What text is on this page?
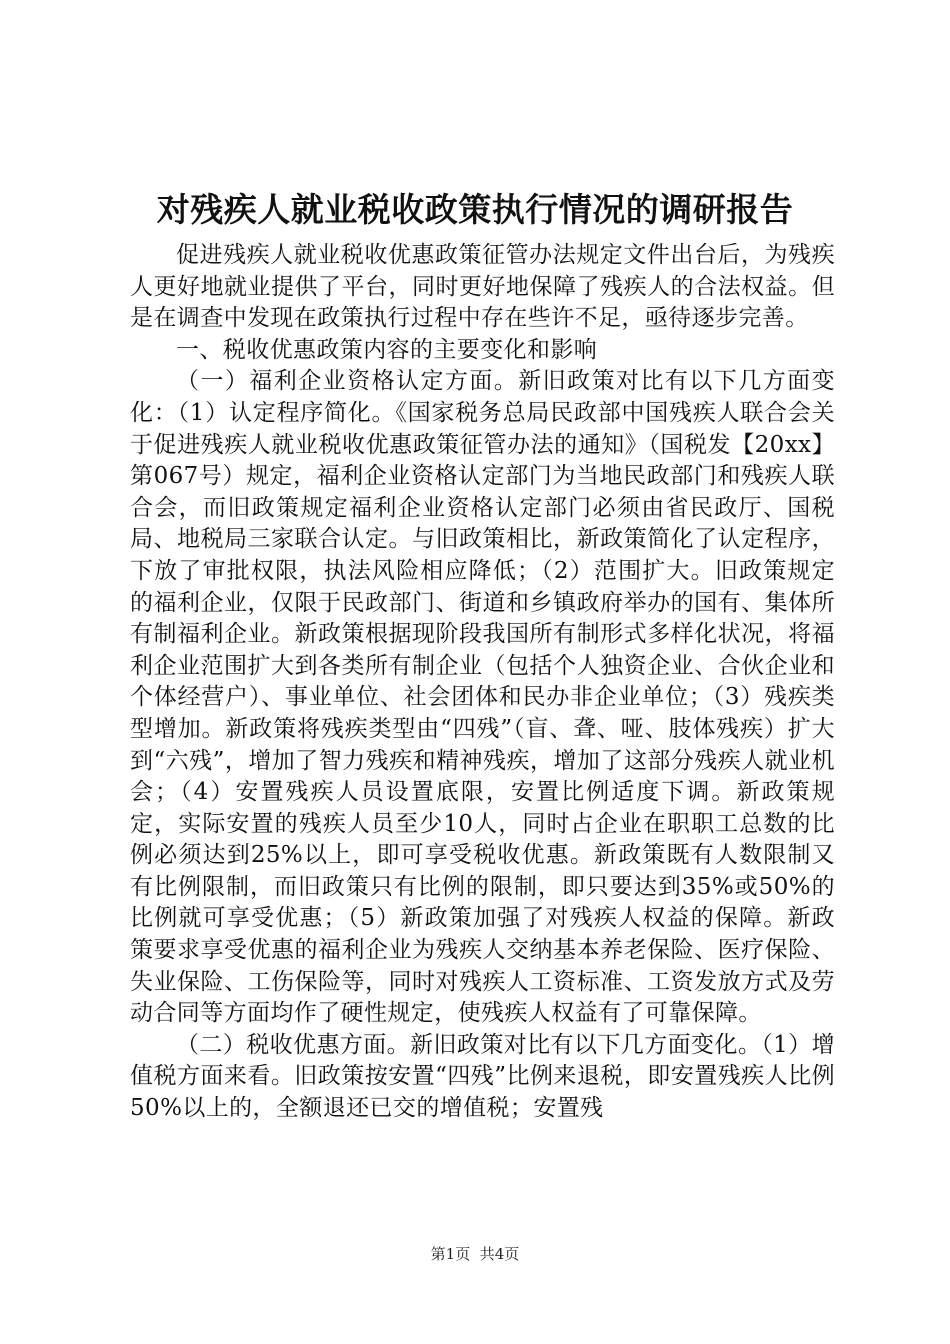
对残疾人就业税收政策执行情况的调研报告

促进残疾人就业税收优惠政策征管办法规定文件出台后，为残疾人更好地就业提供了平台，同时更好地保障了残疾人的合法权益。但是在调查中发现在政策执行过程中存在些许不足，亟待逐步完善。

一、税收优惠政策内容的主要变化和影响

（一）福利企业资格认定方面。新旧政策对比有以下几方面变化：（1）认定程序简化。《国家税务总局民政部中国残疾人联合会关于促进残疾人就业税收优惠政策征管办法的通知》（国税发【20xx】第067号）规定，福利企业资格认定部门为当地民政部门和残疾人联合会，而旧政策规定福利企业资格认定部门必须由省民政厅、国税局、地税局三家联合认定。与旧政策相比，新政策简化了认定程序，下放了审批权限，执法风险相应降低；（2）范围扩大。旧政策规定的福利企业，仅限于民政部门、街道和乡镇政府举办的国有、集体所有制福利企业。新政策根据现阶段我国所有制形式多样化状况，将福利企业范围扩大到各类所有制企业（包括个人独资企业、合伙企业和个体经营户）、事业单位、社会团体和民办非企业单位；（3）残疾类型增加。新政策将残疾类型由“四残”（盲、聋、哑、肢体残疾）扩大到“六残”，增加了智力残疾和精神残疾，增加了这部分残疾人就业机会；（4）安置残疾人员设置底限，安置比例适度下调。新政策规定，实际安置的残疾人员至少10人，同时占企业在职职工总数的比例必须达到25%以上，即可享受税收优惠。新政策既有人数限制又有比例限制，而旧政策只有比例的限制，即只要达到35%或50%的比例就可享受优惠；（5）新政策加强了对残疾人权益的保障。新政策要求享受优惠的福利企业为残疾人交纳基本养老保险、医疗保险、失业保险、工伤保险等，同时对残疾人工资标准、工资发放方式及劳动合同等方面均作了硬性规定，使残疾人权益有了可靠保障。

（二）税收优惠方面。新旧政策对比有以下几方面变化。（1）增值税方面来看。旧政策按安置“四残”比例来退税，即安置残疾人比例50%以上的，全额退还已交的增值税；安置残

第1页 共4页
